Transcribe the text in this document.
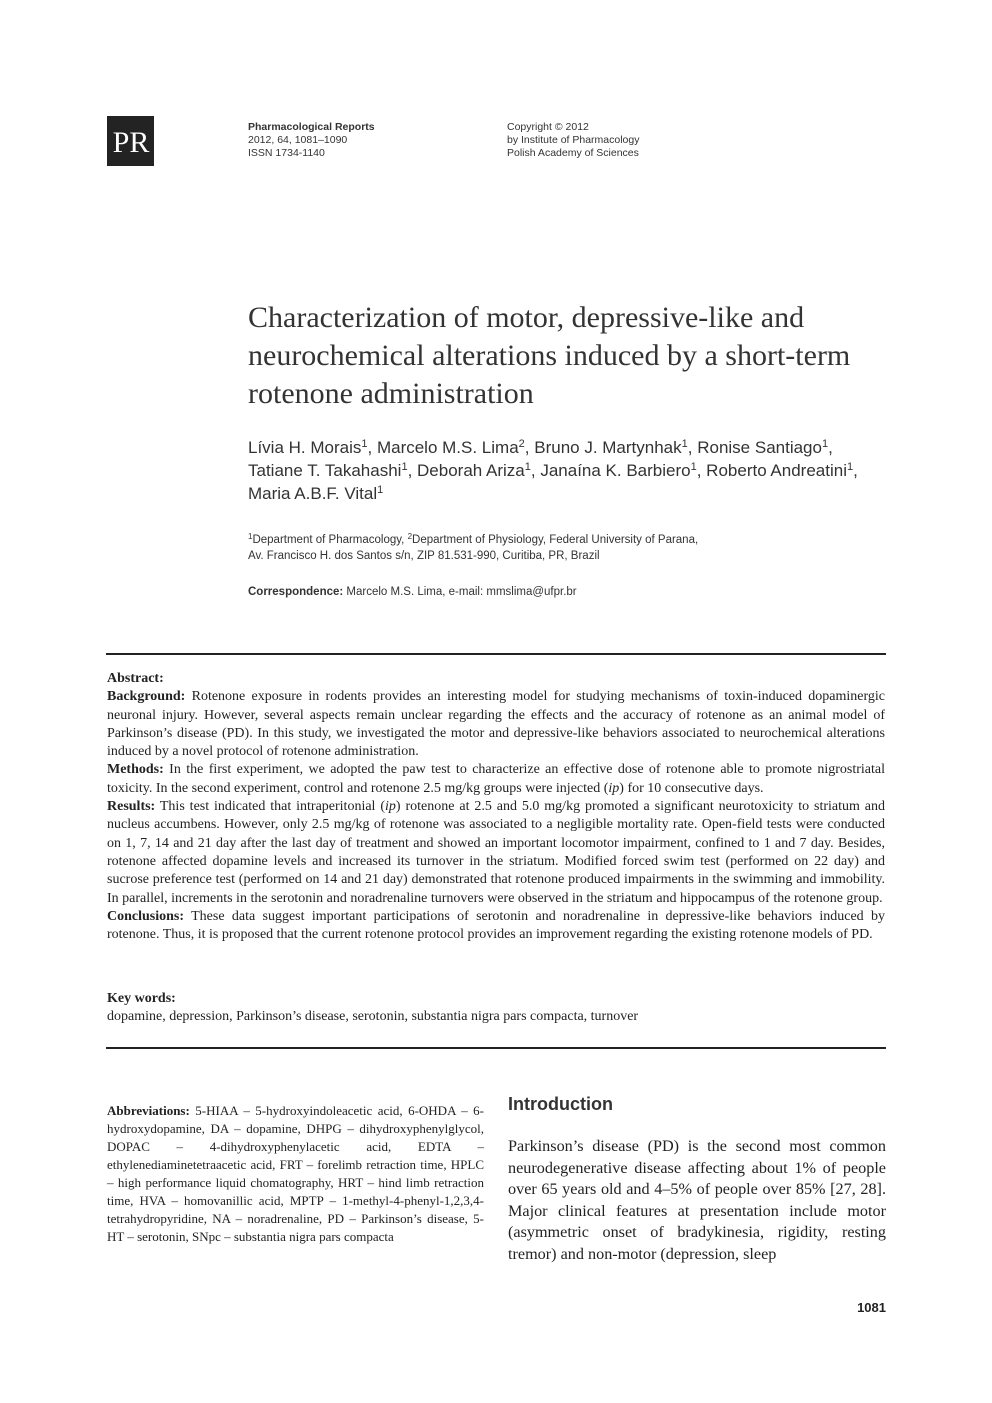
PR	Pharmacological Reports
2012, 64, 1081–1090
ISSN 1734-1140
Copyright © 2012
by Institute of Pharmacology
Polish Academy of Sciences
Characterization of motor, depressive-like and
neurochemical alterations induced by a short-term
rotenone administration
Lívia H. Morais$^1$, Marcelo M.S. Lima$^2$, Bruno J. Martynhak$^1$, Ronise Santiago$^1$, Tatiane T. Takahashi$^1$, Deborah Ariza$^1$, Janaína K. Barbiero$^1$, Roberto Andreatini$^1$, Maria A.B.F. Vital$^1$
$^1$Department of Pharmacology, $^2$Department of Physiology, Federal University of Parana,
Av. Francisco H. dos Santos s/n, ZIP 81.531-990, Curitiba, PR, Brazil
Correspondence: Marcelo M.S. Lima, e-mail: mmslima@ufpr.br

Abstract:

Background: Rotenone exposure in rodents provides an interesting model for studying mechanisms of toxin-induced dopaminergic neuronal injury. However, several aspects remain unclear regarding the effects and the accuracy of rotenone as an animal model of Parkinson’s disease (PD). In this study, we investigated the motor and depressive-like behaviors associated to neurochemical alterations induced by a novel protocol of rotenone administration.

Methods: In the first experiment, we adopted the paw test to characterize an effective dose of rotenone able to promote nigrostriatal toxicity. In the second experiment, control and rotenone 2.5 mg/kg groups were injected (ip) for 10 consecutive days.

Results: This test indicated that intraperitonial (ip) rotenone at 2.5 and 5.0 mg/kg promoted a significant neurotoxicity to striatum and nucleus accumbens. However, only 2.5 mg/kg of rotenone was associated to a negligible mortality rate. Open-field tests were conducted on 1, 7, 14 and 21 day after the last day of treatment and showed an important locomotor impairment, confined to 1 and 7 day. Besides, rotenone affected dopamine levels and increased its turnover in the striatum. Modified forced swim test (performed on 22 day) and sucrose preference test (performed on 14 and 21 day) demonstrated that rotenone produced impairments in the swimming and immobility. In parallel, increments in the serotonin and noradrenaline turnovers were observed in the striatum and hippocampus of the rotenone group.

Conclusions: These data suggest important participations of serotonin and noradrenaline in depressive-like behaviors induced by rotenone. Thus, it is proposed that the current rotenone protocol provides an improvement regarding the existing rotenone models of PD.

Key words:

dopamine, depression, Parkinson’s disease, serotonin, substantia nigra pars compacta, turnover

Abbreviations: 5-HIAA – 5-hydroxyindoleacetic acid, 6-OHDA – 6-hydroxydopamine, DA – dopamine, DHPG – dihydroxyphenylglycol, DOPAC – 4-dihydroxyphenylacetic acid, EDTA – ethylenediaminetetraacetic acid, FRT – forelimb retraction time, HPLC – high performance liquid chomatography, HRT – hind limb retraction time, HVA – homovanillic acid, MPTP – 1-methyl-4-phenyl-1,2,3,4-tetrahydropyridine, NA – noradrenaline, PD – Parkinson’s disease, 5-HT – serotonin, SNpc – substantia nigra pars compacta
Introduction
Parkinson’s disease (PD) is the second most common neurodegenerative disease affecting about 1% of people over 65 years old and 4–5% of people over 85% [27, 28]. Major clinical features at presentation include motor (asymmetric onset of bradykinesia, rigidity, resting tremor) and non-motor (depression, sleep
1081
